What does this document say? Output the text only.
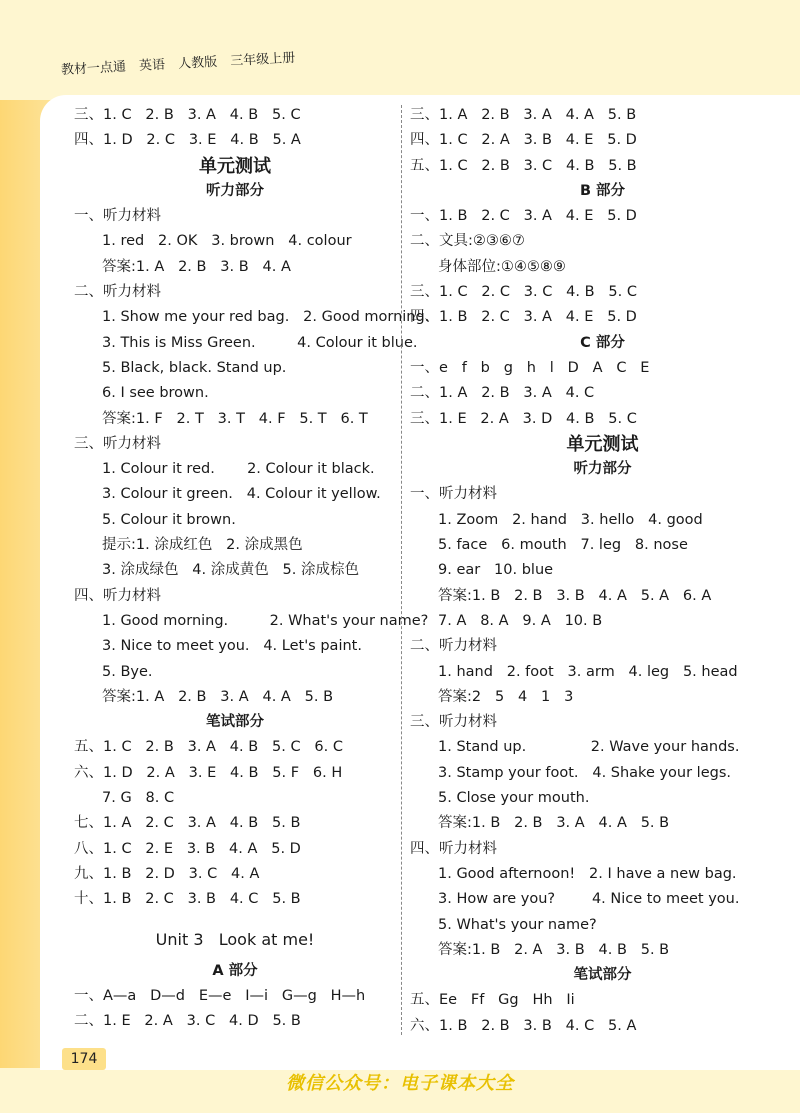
教材一点通 英语 人教版 三年级上册
三、1. C   2. B   3. A   4. B   5. C
四、1. D   2. C   3. E   4. B   5. A
单元测试
听力部分
一、听力材料
1. red   2. OK   3. brown   4. colour
答案:1. A   2. B   3. B   4. A
二、听力材料
1. Show me your red bag.   2. Good morning.
3. This is Miss Green.         4. Colour it blue.
5. Black, black. Stand up.
6. I see brown.
答案:1. F   2. T   3. T   4. F   5. T   6. T
三、听力材料
1. Colour it red.       2. Colour it black.
3. Colour it green.   4. Colour it yellow.
5. Colour it brown.
提示:1. 涂成红色   2. 涂成黑色
3. 涂成绿色   4. 涂成黄色   5. 涂成棕色
四、听力材料
1. Good morning.         2. What's your name?
3. Nice to meet you.   4. Let's paint.
5. Bye.
答案:1. A   2. B   3. A   4. A   5. B
笔试部分
五、1. C   2. B   3. A   4. B   5. C   6. C
六、1. D   2. A   3. E   4. B   5. F   6. H
7. G   8. C
七、1. A   2. C   3. A   4. B   5. B
八、1. C   2. E   3. B   4. A   5. D
九、1. B   2. D   3. C   4. A
十、1. B   2. C   3. B   4. C   5. B
Unit 3   Look at me!
A 部分
一、A—a   D—d   E—e   I—i   G—g   H—h
二、1. E   2. A   3. C   4. D   5. B
三、1. A   2. B   3. A   4. A   5. B
四、1. C   2. A   3. B   4. E   5. D
五、1. C   2. B   3. C   4. B   5. B
B 部分
一、1. B   2. C   3. A   4. E   5. D
二、文具:②③⑥⑦
身体部位:①④⑤⑧⑨
三、1. C   2. C   3. C   4. B   5. C
四、1. B   2. C   3. A   4. E   5. D
C 部分
一、e   f   b   g   h   l   D   A   C   E
二、1. A   2. B   3. A   4. C
三、1. E   2. A   3. D   4. B   5. C
单元测试
听力部分
一、听力材料
1. Zoom   2. hand   3. hello   4. good
5. face   6. mouth   7. leg   8. nose
9. ear   10. blue
答案:1. B   2. B   3. B   4. A   5. A   6. A
7. A   8. A   9. A   10. B
二、听力材料
1. hand   2. foot   3. arm   4. leg   5. head
答案:2   5   4   1   3
三、听力材料
1. Stand up.              2. Wave your hands.
3. Stamp your foot.   4. Shake your legs.
5. Close your mouth.
答案:1. B   2. B   3. A   4. A   5. B
四、听力材料
1. Good afternoon!   2. I have a new bag.
3. How are you?        4. Nice to meet you.
5. What's your name?
答案:1. B   2. A   3. B   4. B   5. B
笔试部分
五、Ee   Ff   Gg   Hh   Ii
六、1. B   2. B   3. B   4. C   5. A
174
微信公众号：电子课本大全
